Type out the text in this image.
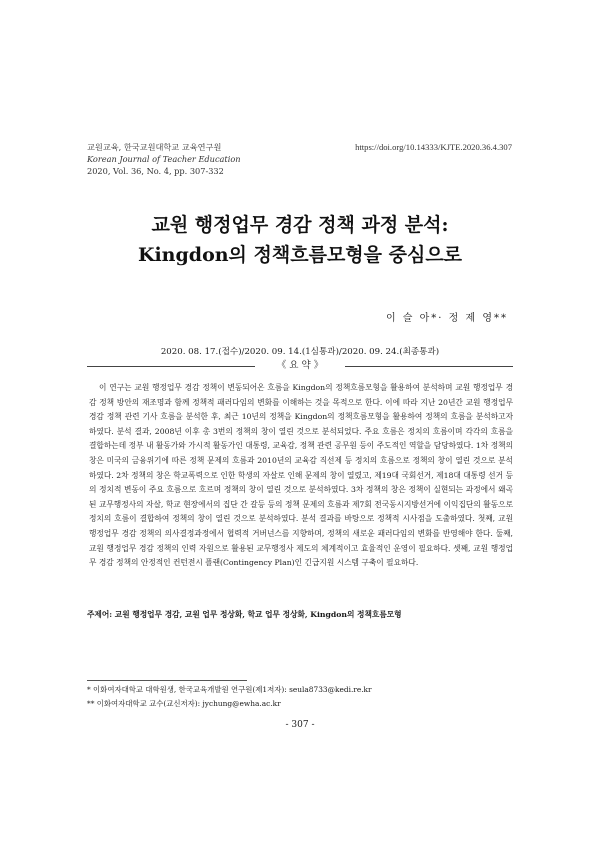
교원교육, 한국교원대학교 교육연구원
Korean Journal of Teacher Education
2020, Vol. 36, No. 4, pp. 307-332
https://doi.org/10.14333/KJTE.2020.36.4.307
교원 행정업무 경감 정책 과정 분석:
Kingdon의 정책흐름모형을 중심으로
이 슬 아*· 정 제 영**
2020. 08. 17.(접수)/2020. 09. 14.(1심통과)/2020. 09. 24.(최종통과)
《 요 약 》

이 연구는 교원 행정업무 경감 정책이 변동되어온 흐름을 Kingdon의 정책흐름모형을 활용하여 분석하며 교원 행정업무 경감 정책 방안의 재조명과 함께 정책적 패러다임의 변화를 이해하는 것을 목적으로 한다. 이에 따라 지난 20년간 교원 행정업무 경감 정책 관련 기사 흐름을 분석한 후, 최근 10년의 정책을 Kingdon의 정책흐름모형을 활용하여 정책의 흐름을 분석하고자 하였다. 분석 결과, 2008년 이후 총 3번의 정책의 창이 열린 것으로 분석되었다. 주요 흐름은 정치의 흐름이며 각각의 흐름을 결합하는데 정부 내 활동가와 가시적 활동가인 대통령, 교육감, 정책 관련 공무원 등이 주도적인 역할을 담당하였다. 1차 정책의 창은 미국의 금융위기에 따른 정책 문제의 흐름과 2010년의 교육감 직선제 등 정치의 흐름으로 정책의 창이 열린 것으로 분석하였다. 2차 정책의 창은 학교폭력으로 인한 학생의 자살로 인해 문제의 창이 열렸고, 제19대 국회선거, 제18대 대통령 선거 등의 정치적 변동이 주요 흐름으로 흐르며 정책의 창이 열린 것으로 분석하였다. 3차 정책의 창은 정책이 실현되는 과정에서 왜곡된 교무행정사의 자살, 학교 현장에서의 집단 간 갈등 등의 정책 문제의 흐름과 제7회 전국동시지방선거에 이익집단의 활동으로 정치의 흐름이 결합하여 정책의 창이 열린 것으로 분석하였다. 분석 결과를 바탕으로 정책적 시사점을 도출하였다. 첫째, 교원 행정업무 경감 정책의 의사결정과정에서 협력적 거버넌스를 지향하며, 정책의 새로운 패러다임의 변화를 반영해야 한다. 둘째, 교원 행정업무 경감 정책의 인력 자원으로 활용된 교무행정사 제도의 체계적이고 효율적인 운영이 필요하다. 셋째, 교원 행정업무 경감 정책의 안정적인 컨턴전시 플랜(Contingency Plan)인 긴급지원 시스템 구축이 필요하다.

주제어: 교원 행정업무 경감, 교원 업무 정상화, 학교 업무 정상화, Kingdon의 정책흐름모형
* 이화여자대학교 대학원생, 한국교육개발원 연구원(제1저자): seula8733@kedi.re.kr
** 이화여자대학교 교수(교신저자): jychung@ewha.ac.kr
- 307 -
